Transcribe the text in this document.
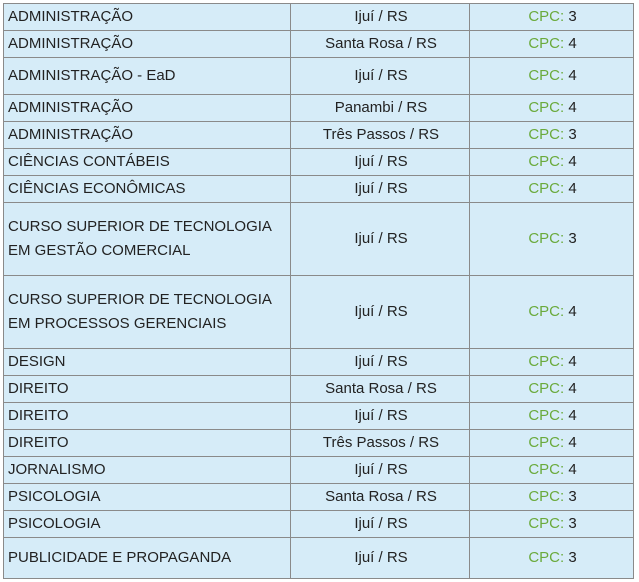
ADMINISTRAÇÃO	Ijuí / RS	CPC: 3
ADMINISTRAÇÃO	Santa Rosa / RS	CPC: 4
ADMINISTRAÇÃO - EaD	Ijuí / RS	CPC: 4
ADMINISTRAÇÃO	Panambi / RS	CPC: 4
ADMINISTRAÇÃO	Três Passos / RS	CPC: 3
CIÊNCIAS CONTÁBEIS	Ijuí / RS	CPC: 4
CIÊNCIAS ECONÔMICAS	Ijuí / RS	CPC: 4
CURSO SUPERIOR DE TECNOLOGIA EM GESTÃO COMERCIAL	Ijuí / RS	CPC: 3
CURSO SUPERIOR DE TECNOLOGIA EM PROCESSOS GERENCIAIS	Ijuí / RS	CPC: 4
DESIGN	Ijuí / RS	CPC: 4
DIREITO	Santa Rosa / RS	CPC: 4
DIREITO	Ijuí / RS	CPC: 4
DIREITO	Três Passos / RS	CPC: 4
JORNALISMO	Ijuí / RS	CPC: 4
PSICOLOGIA	Santa Rosa / RS	CPC: 3
PSICOLOGIA	Ijuí / RS	CPC: 3
PUBLICIDADE E PROPAGANDA	Ijuí / RS	CPC: 3
